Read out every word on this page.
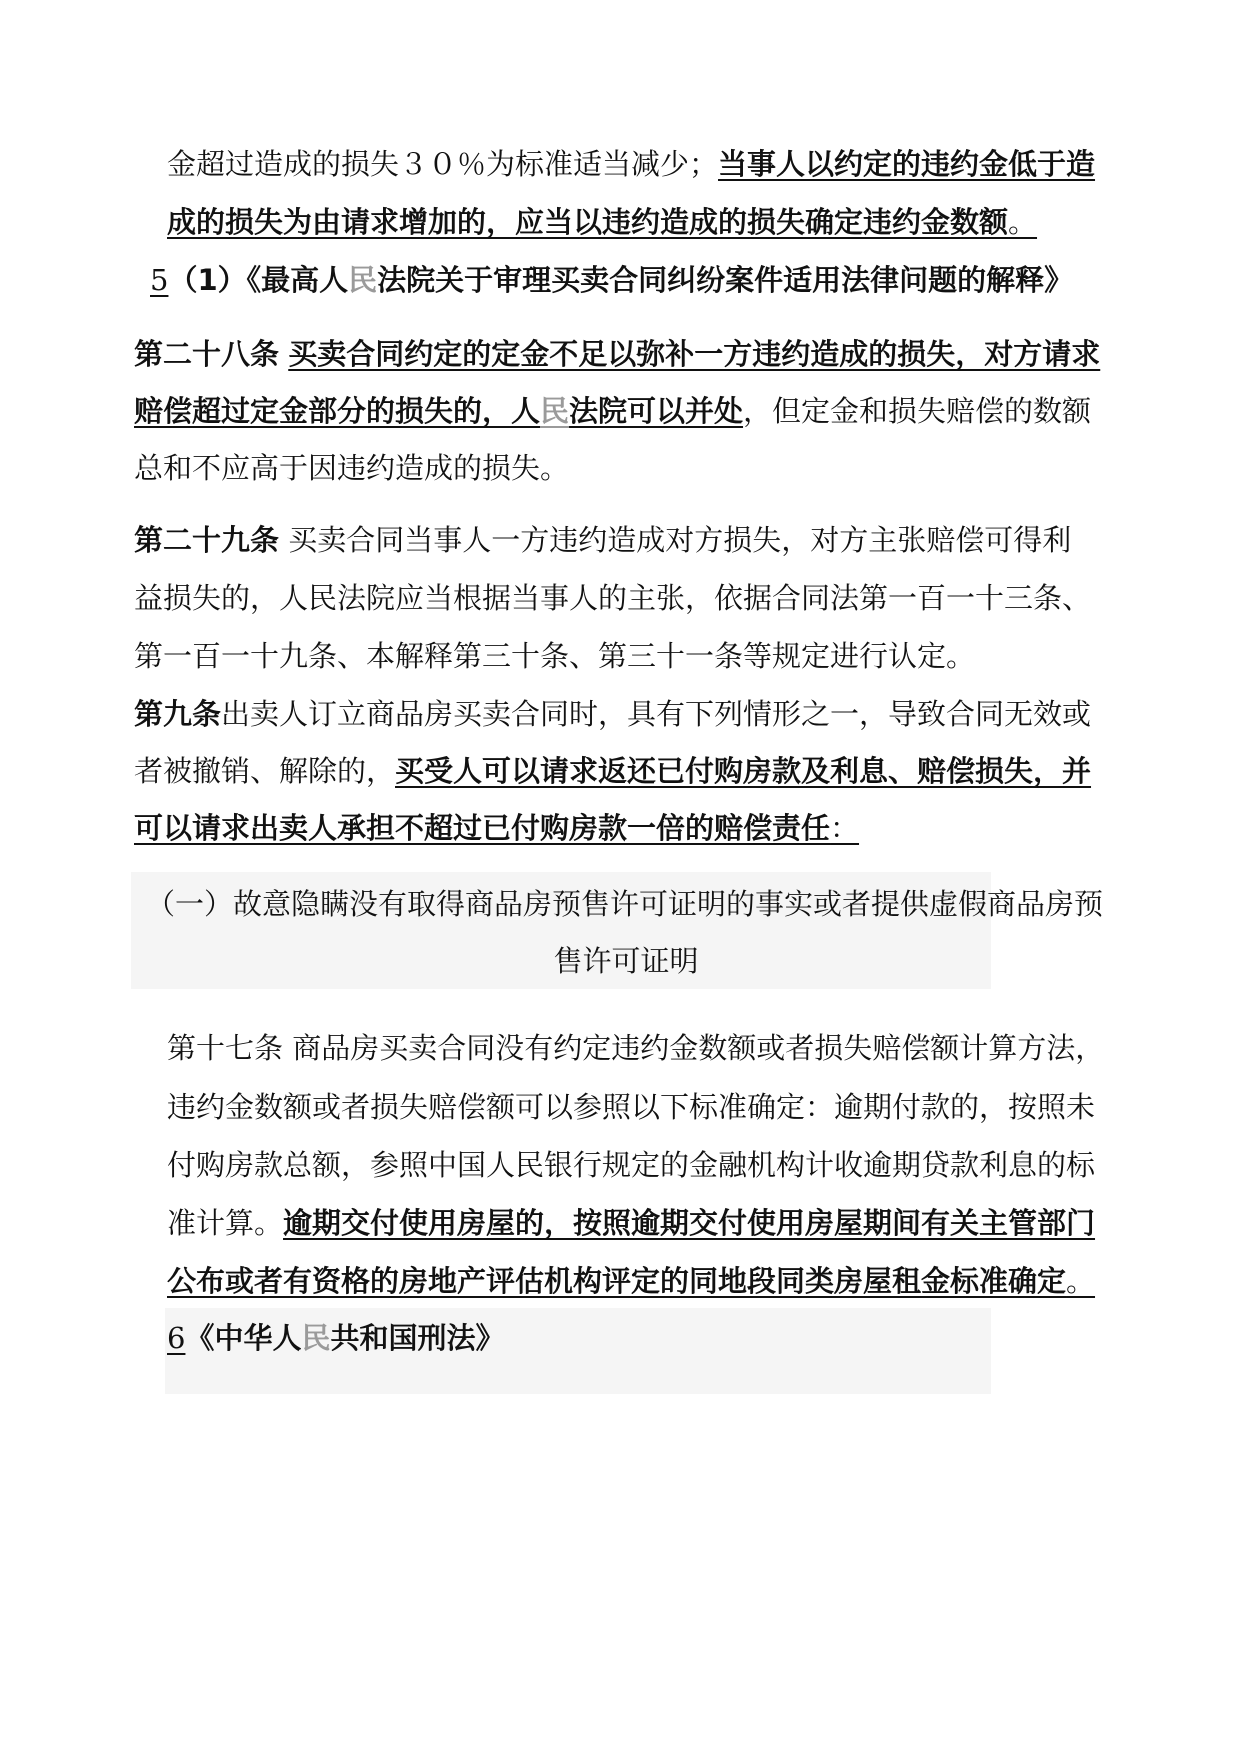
金超过造成的损失３０％为标准适当减少；当事人以约定的违约金低于造
成的损失为由请求增加的，应当以违约造成的损失确定违约金数额。
5（1）《最高人民法院关于审理买卖合同纠纷案件适用法律问题的解释》
第二十八条 买卖合同约定的定金不足以弥补一方违约造成的损失，对方请求
赔偿超过定金部分的损失的，人民法院可以并处，但定金和损失赔偿的数额
总和不应高于因违约造成的损失。
第二十九条 买卖合同当事人一方违约造成对方损失，对方主张赔偿可得利
益损失的，人民法院应当根据当事人的主张，依据合同法第一百一十三条、
第一百一十九条、本解释第三十条、第三十一条等规定进行认定。
第九条出卖人订立商品房买卖合同时，具有下列情形之一，导致合同无效或
者被撤销、解除的，买受人可以请求返还已付购房款及利息、赔偿损失，并
可以请求出卖人承担不超过已付购房款一倍的赔偿责任：
（一）故意隐瞒没有取得商品房预售许可证明的事实或者提供虚假商品房预
售许可证明
第十七条 商品房买卖合同没有约定违约金数额或者损失赔偿额计算方法，
违约金数额或者损失赔偿额可以参照以下标准确定：逾期付款的，按照未
付购房款总额，参照中国人民银行规定的金融机构计收逾期贷款利息的标
准计算。逾期交付使用房屋的，按照逾期交付使用房屋期间有关主管部门
公布或者有资格的房地产评估机构评定的同地段同类房屋租金标准确定。
6《中华人民共和国刑法》
